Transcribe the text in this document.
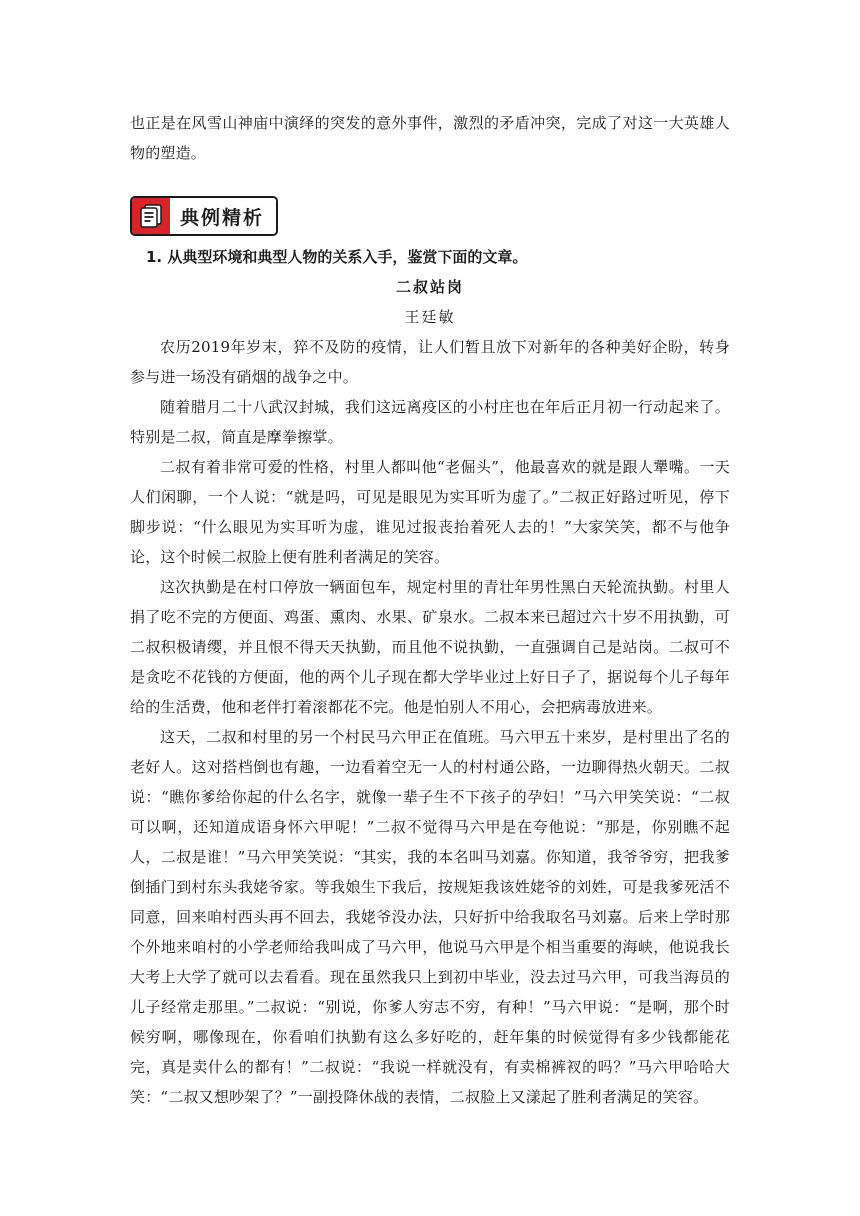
也正是在风雪山神庙中演绎的突发的意外事件，激烈的矛盾冲突，完成了对这一大英雄人物的塑造。

典例精析

1. 从典型环境和典型人物的关系入手，鉴赏下面的文章。

二叔站岗

王廷敏

农历2019年岁末，猝不及防的疫情，让人们暂且放下对新年的各种美好企盼，转身参与进一场没有硝烟的战争之中。

随着腊月二十八武汉封城，我们这远离疫区的小村庄也在年后正月初一行动起来了。特别是二叔，简直是摩拳擦掌。

二叔有着非常可爱的性格，村里人都叫他“老倔头”，他最喜欢的就是跟人犟嘴。一天人们闲聊，一个人说：“就是吗，可见是眼见为实耳听为虚了。”二叔正好路过听见，停下脚步说：“什么眼见为实耳听为虚，谁见过报丧抬着死人去的！”大家笑笑，都不与他争论，这个时候二叔脸上便有胜利者满足的笑容。

这次执勤是在村口停放一辆面包车，规定村里的青壮年男性黑白天轮流执勤。村里人捐了吃不完的方便面、鸡蛋、熏肉、水果、矿泉水。二叔本来已超过六十岁不用执勤，可二叔积极请缨，并且恨不得天天执勤，而且他不说执勤，一直强调自己是站岗。二叔可不是贪吃不花钱的方便面，他的两个儿子现在都大学毕业过上好日子了，据说每个儿子每年给的生活费，他和老伴打着滚都花不完。他是怕别人不用心，会把病毒放进来。

这天，二叔和村里的另一个村民马六甲正在值班。马六甲五十来岁，是村里出了名的老好人。这对搭档倒也有趣，一边看着空无一人的村村通公路，一边聊得热火朝天。二叔说：“瞧你爹给你起的什么名字，就像一辈子生不下孩子的孕妇！”马六甲笑笑说：“二叔可以啊，还知道成语身怀六甲呢！”二叔不觉得马六甲是在夸他说：“那是，你别瞧不起人，二叔是谁！”马六甲笑笑说：“其实，我的本名叫马刘嘉。你知道，我爷爷穷，把我爹倒插门到村东头我姥爷家。等我娘生下我后，按规矩我该姓姥爷的刘姓，可是我爹死活不同意，回来咱村西头再不回去，我姥爷没办法，只好折中给我取名马刘嘉。后来上学时那个外地来咱村的小学老师给我叫成了马六甲，他说马六甲是个相当重要的海峡，他说我长大考上大学了就可以去看看。现在虽然我只上到初中毕业，没去过马六甲，可我当海员的儿子经常走那里。”二叔说：“别说，你爹人穷志不穷，有种！”马六甲说：“是啊，那个时候穷啊，哪像现在，你看咱们执勤有这么多好吃的，赶年集的时候觉得有多少钱都能花完，真是卖什么的都有！”二叔说：“我说一样就没有，有卖棉裤衩的吗？”马六甲哈哈大笑：“二叔又想吵架了？”一副投降休战的表情，二叔脸上又漾起了胜利者满足的笑容。
